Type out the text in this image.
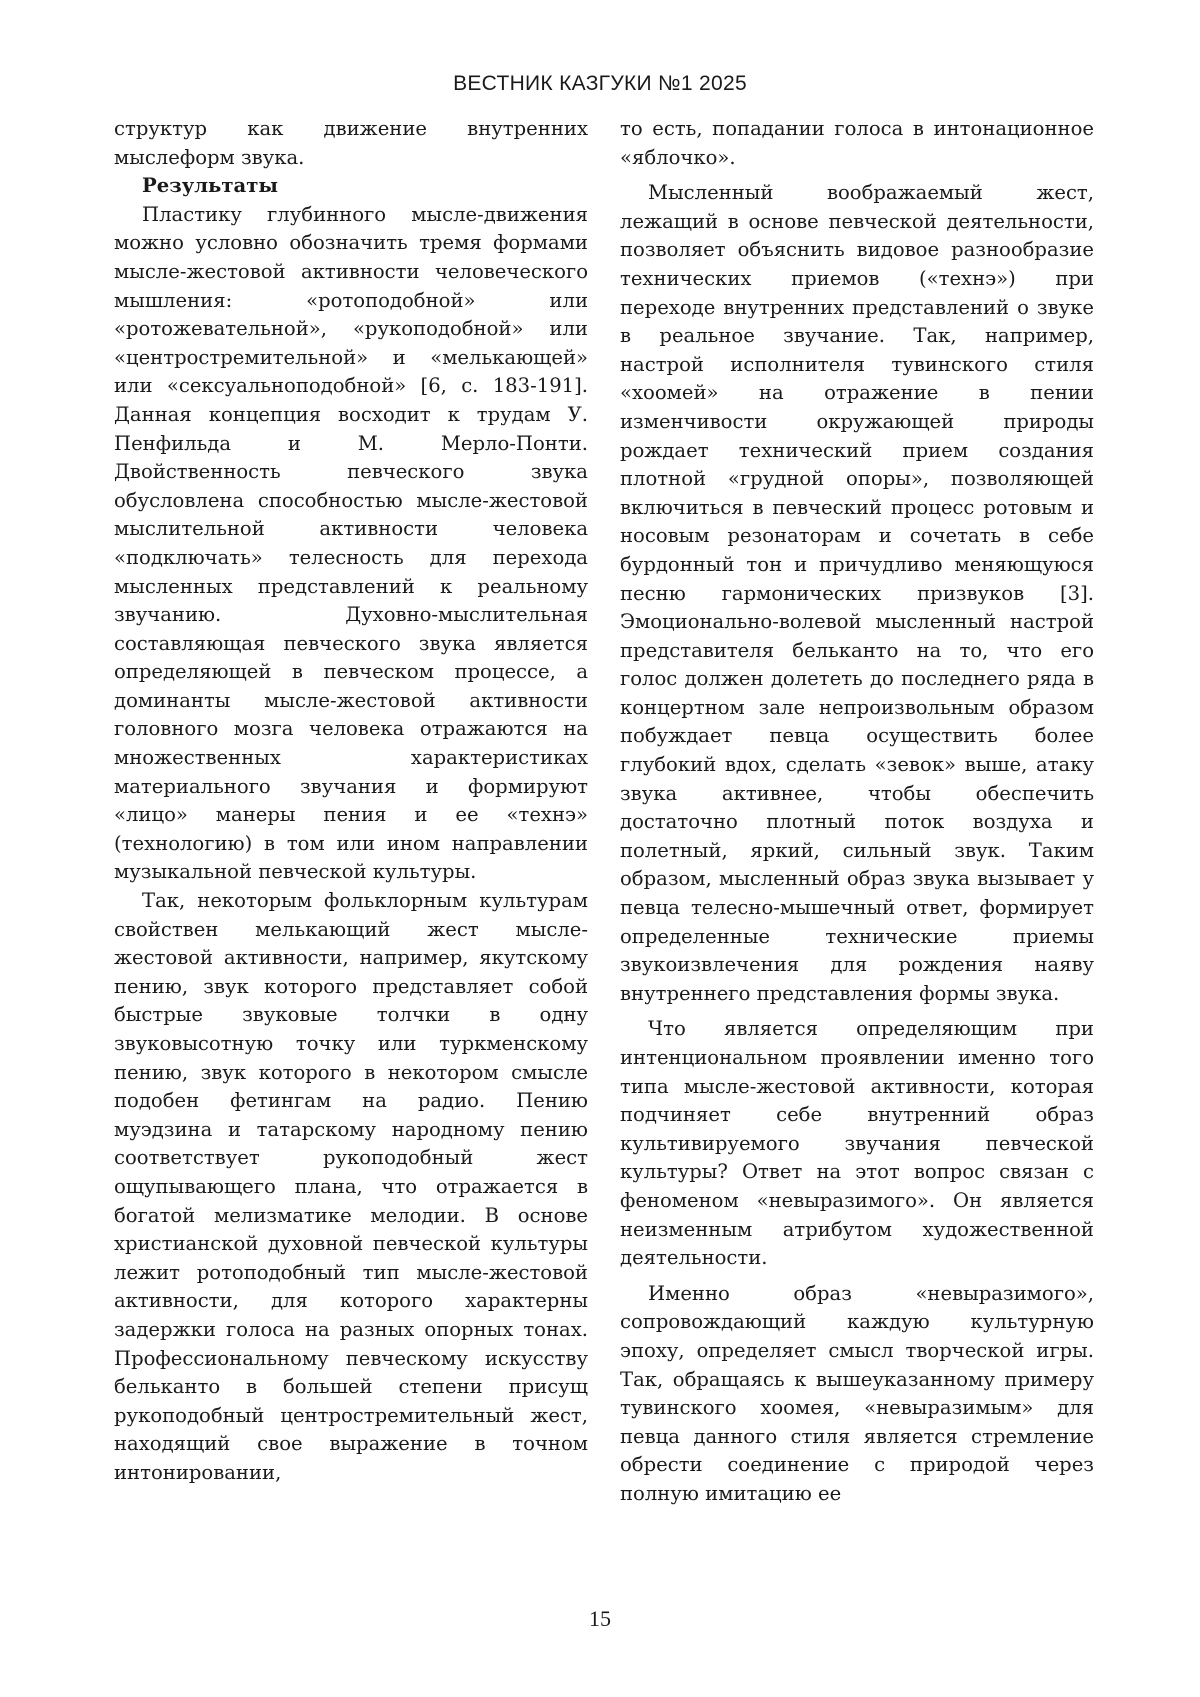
ВЕСТНИК КАЗГУКИ №1 2025

структур как движение внутренних мыслеформ звука.

Результаты

Пластику глубинного мысле-движения можно условно обозначить тремя формами мысле-жестовой активности человеческого мышления: «ротоподобной» или «ротожевательной», «рукоподобной» или «центростремительной» и «мелькающей» или «сексуальноподобной» [6, с. 183-191]. Данная концепция восходит к трудам У. Пенфильда и М. Мерло-Понти. Двойственность певческого звука обусловлена способностью мысле-жестовой мыслительной активности человека «подключать» телесность для перехода мысленных представлений к реальному звучанию. Духовно-мыслительная составляющая певческого звука является определяющей в певческом процессе, а доминанты мысле-жестовой активности головного мозга человека отражаются на множественных характеристиках материального звучания и формируют «лицо» манеры пения и ее «технэ» (технологию) в том или ином направлении музыкальной певческой культуры.

Так, некоторым фольклорным культурам свойствен мелькающий жест мысле-жестовой активности, например, якутскому пению, звук которого представляет собой быстрые звуковые толчки в одну звуковысотную точку или туркменскому пению, звук которого в некотором смысле подобен фетингам на радио. Пению муэдзина и татарскому народному пению соответствует рукоподобный жест ощупывающего плана, что отражается в богатой мелизматике мелодии. В основе христианской духовной певческой культуры лежит ротоподобный тип мысле-жестовой активности, для которого характерны задержки голоса на разных опорных тонах. Профессиональному певческому искусству бельканто в большей степени присущ рукоподобный центростремительный жест, находящий свое выражение в точном интонировании,

то есть, попадании голоса в интонационное «яблочко».

Мысленный воображаемый жест, лежащий в основе певческой деятельности, позволяет объяснить видовое разнообразие технических приемов («технэ») при переходе внутренних представлений о звуке в реальное звучание. Так, например, настрой исполнителя тувинского стиля «хоомей» на отражение в пении изменчивости окружающей природы рождает технический прием создания плотной «грудной опоры», позволяющей включиться в певческий процесс ротовым и носовым резонаторам и сочетать в себе бурдонный тон и причудливо меняющуюся песню гармонических призвуков [3]. Эмоционально-волевой мысленный настрой представителя бельканто на то, что его голос должен долететь до последнего ряда в концертном зале непроизвольным образом побуждает певца осуществить более глубокий вдох, сделать «зевок» выше, атаку звука активнее, чтобы обеспечить достаточно плотный поток воздуха и полетный, яркий, сильный звук. Таким образом, мысленный образ звука вызывает у певца телесно-мышечный ответ, формирует определенные технические приемы звукоизвлечения для рождения наяву внутреннего представления формы звука.

Что является определяющим при интенциональном проявлении именно того типа мысле-жестовой активности, которая подчиняет себе внутренний образ культивируемого звучания певческой культуры? Ответ на этот вопрос связан с феноменом «невыразимого». Он является неизменным атрибутом художественной деятельности.

Именно образ «невыразимого», сопровождающий каждую культурную эпоху, определяет смысл творческой игры. Так, обращаясь к вышеуказанному примеру тувинского хоомея, «невыразимым» для певца данного стиля является стремление обрести соединение с природой через полную имитацию ее

15
